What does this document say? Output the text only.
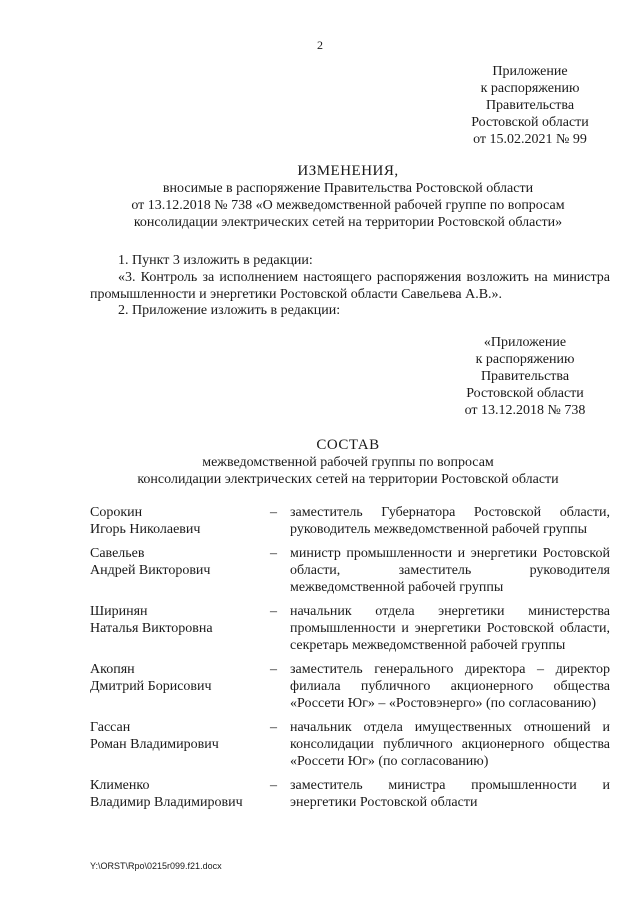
2
Приложение
к распоряжению
Правительства
Ростовской области
от 15.02.2021 № 99
ИЗМЕНЕНИЯ,
вносимые в распоряжение Правительства Ростовской области
от 13.12.2018 № 738 «О межведомственной рабочей группе по вопросам
консолидации электрических сетей на территории Ростовской области»
1. Пункт 3 изложить в редакции:
«3. Контроль за исполнением настоящего распоряжения возложить на министра промышленности и энергетики Ростовской области Савельева А.В.».
2. Приложение изложить в редакции:
«Приложение
к распоряжению
Правительства
Ростовской области
от 13.12.2018 № 738
СОСТАВ
межведомственной рабочей группы по вопросам
консолидации электрических сетей на территории Ростовской области
Сорокин
Игорь Николаевич
– заместитель Губернатора Ростовской области, руководитель межведомственной рабочей группы
Савельев
Андрей Викторович
– министр промышленности и энергетики Ростовской области, заместитель руководителя межведомственной рабочей группы
Ширинян
Наталья Викторовна
– начальник отдела энергетики министерства промышленности и энергетики Ростовской области, секретарь межведомственной рабочей группы
Акопян
Дмитрий Борисович
– заместитель генерального директора – директор филиала публичного акционерного общества «Россети Юг» – «Ростовэнерго» (по согласованию)
Гассан
Роман Владимирович
– начальник отдела имущественных отношений и консолидации публичного акционерного общества «Россети Юг» (по согласованию)
Клименко
Владимир Владимирович
– заместитель министра промышленности и энергетики Ростовской области
Y:\ORST\Rpo\0215r099.f21.docx
